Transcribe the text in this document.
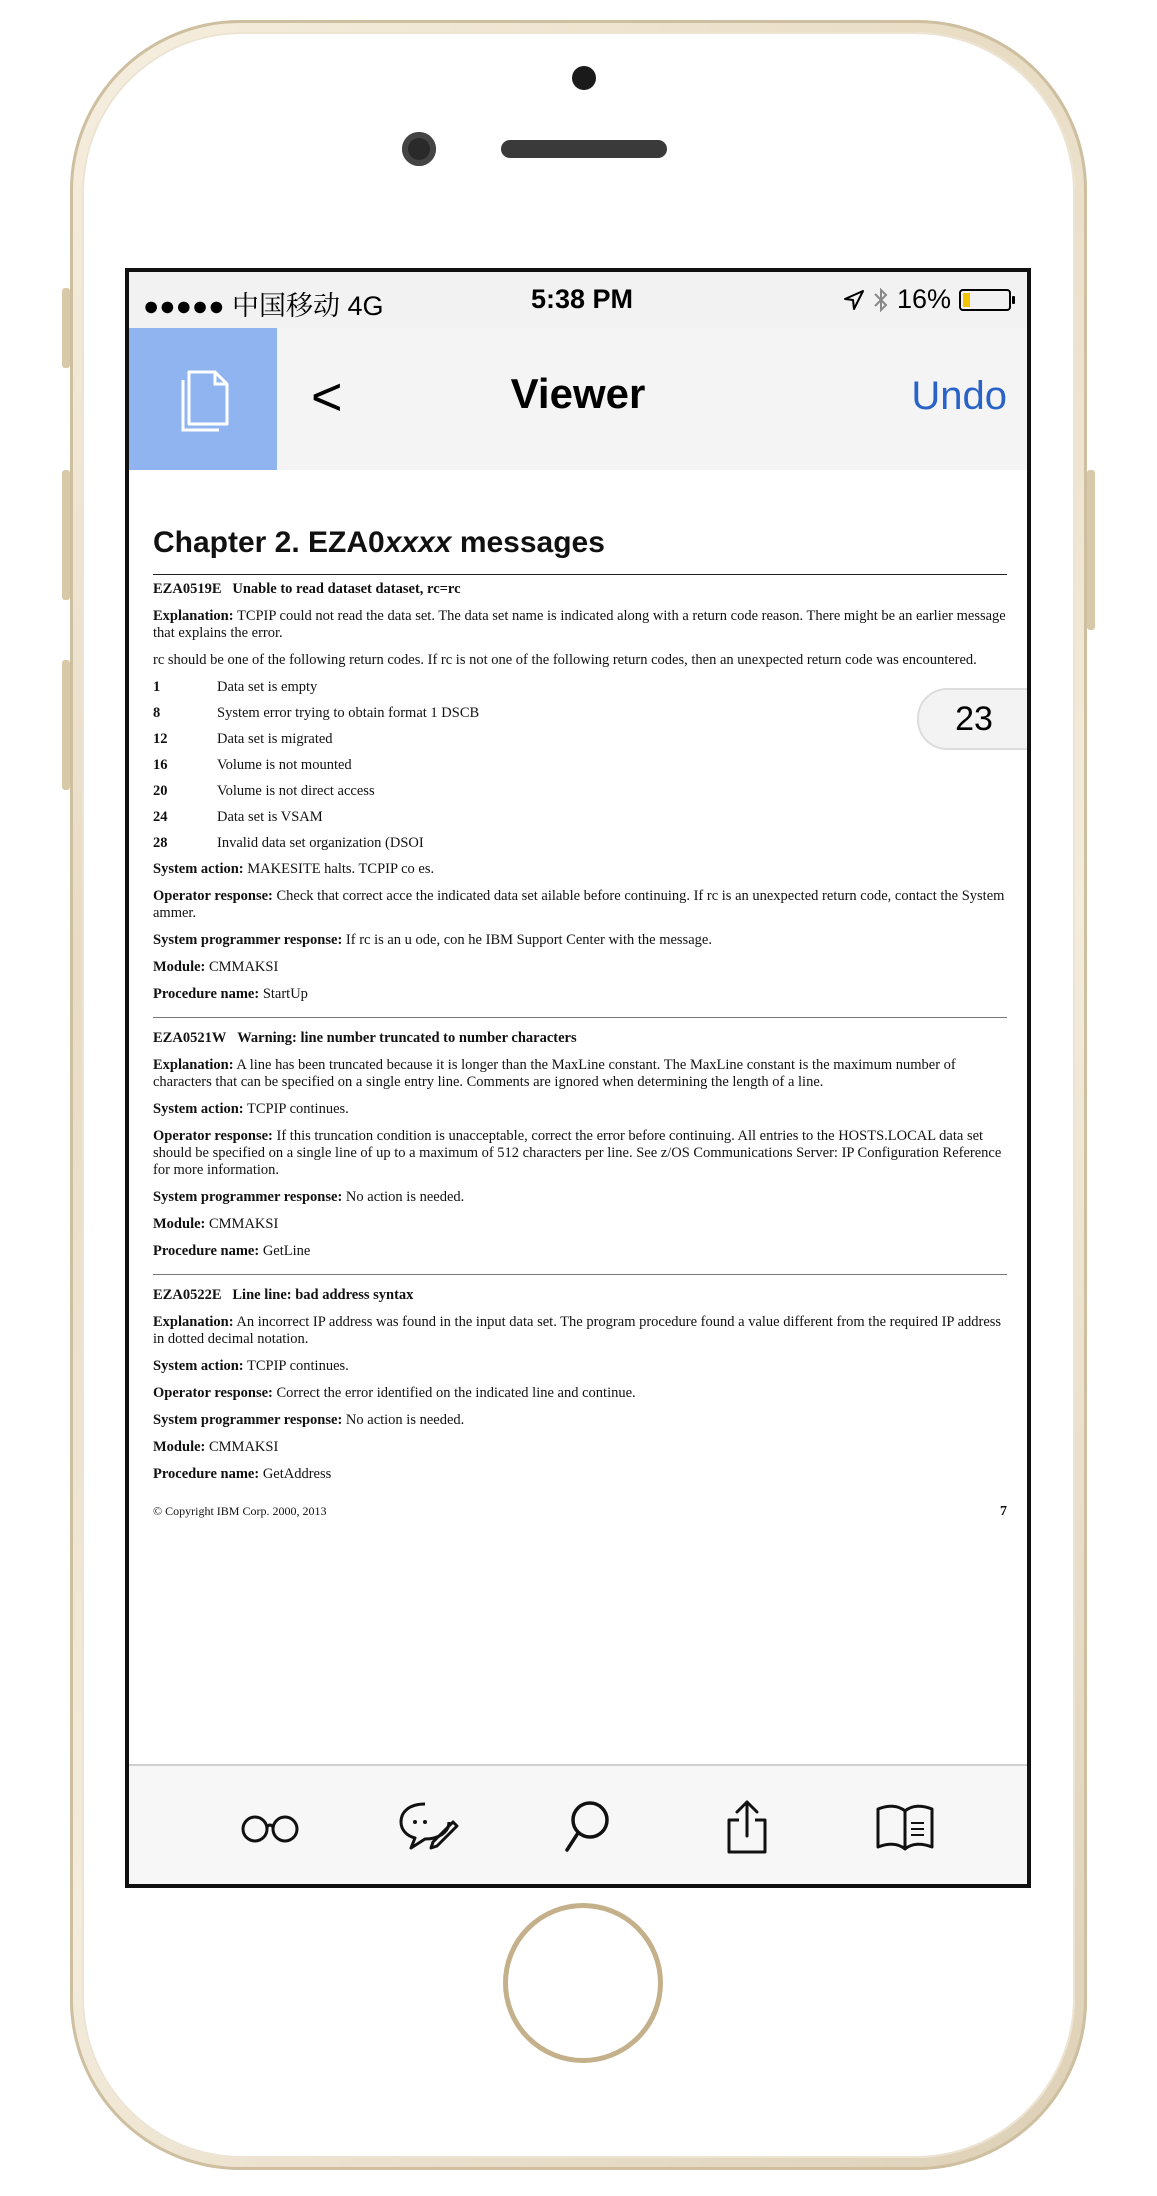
●●●●● 中国移动 4G	5:38 PM	16%
<	Viewer	Undo
Chapter 2. EZA0xxxx messages

EZA0519E Unable to read dataset dataset, rc=rc

Explanation: TCPIP could not read the data set. The data set name is indicated along with a return code reason. There might be an earlier message that explains the error.

rc should be one of the following return codes. If rc is not one of the following return codes, then an unexpected return code was encountered.

1	Data set is empty
8	System error trying to obtain format 1 DSCB
12	Data set is migrated
16	Volume is not mounted
20	Volume is not direct access
24	Data set is VSAM
28	Invalid data set organization (DSOI

System action: MAKESITE halts. TCPIP co es.

Operator response: Check that correct acce the indicated data set ailable before continuing. If rc is an unexpected return code, contact the System ammer.

System programmer response: If rc is an u ode, con he IBM Support Center with the message.

Module: CMMAKSI

Procedure name: StartUp

EZA0521W Warning: line number truncated to number characters

Explanation: A line has been truncated because it is longer than the MaxLine constant. The MaxLine constant is the maximum number of characters that can be specified on a single entry line. Comments are ignored when determining the length of a line.

System action: TCPIP continues.

Operator response: If this truncation condition is unacceptable, correct the error before continuing. All entries to the HOSTS.LOCAL data set should be specified on a single line of up to a maximum of 512 characters per line. See z/OS Communications Server: IP Configuration Reference for more information.

System programmer response: No action is needed.

Module: CMMAKSI

Procedure name: GetLine

EZA0522E Line line: bad address syntax

Explanation: An incorrect IP address was found in the input data set. The program procedure found a value different from the required IP address in dotted decimal notation.

System action: TCPIP continues.

Operator response: Correct the error identified on the indicated line and continue.

System programmer response: No action is needed.

Module: CMMAKSI

Procedure name: GetAddress

© Copyright IBM Corp. 2000, 2013	7
23
